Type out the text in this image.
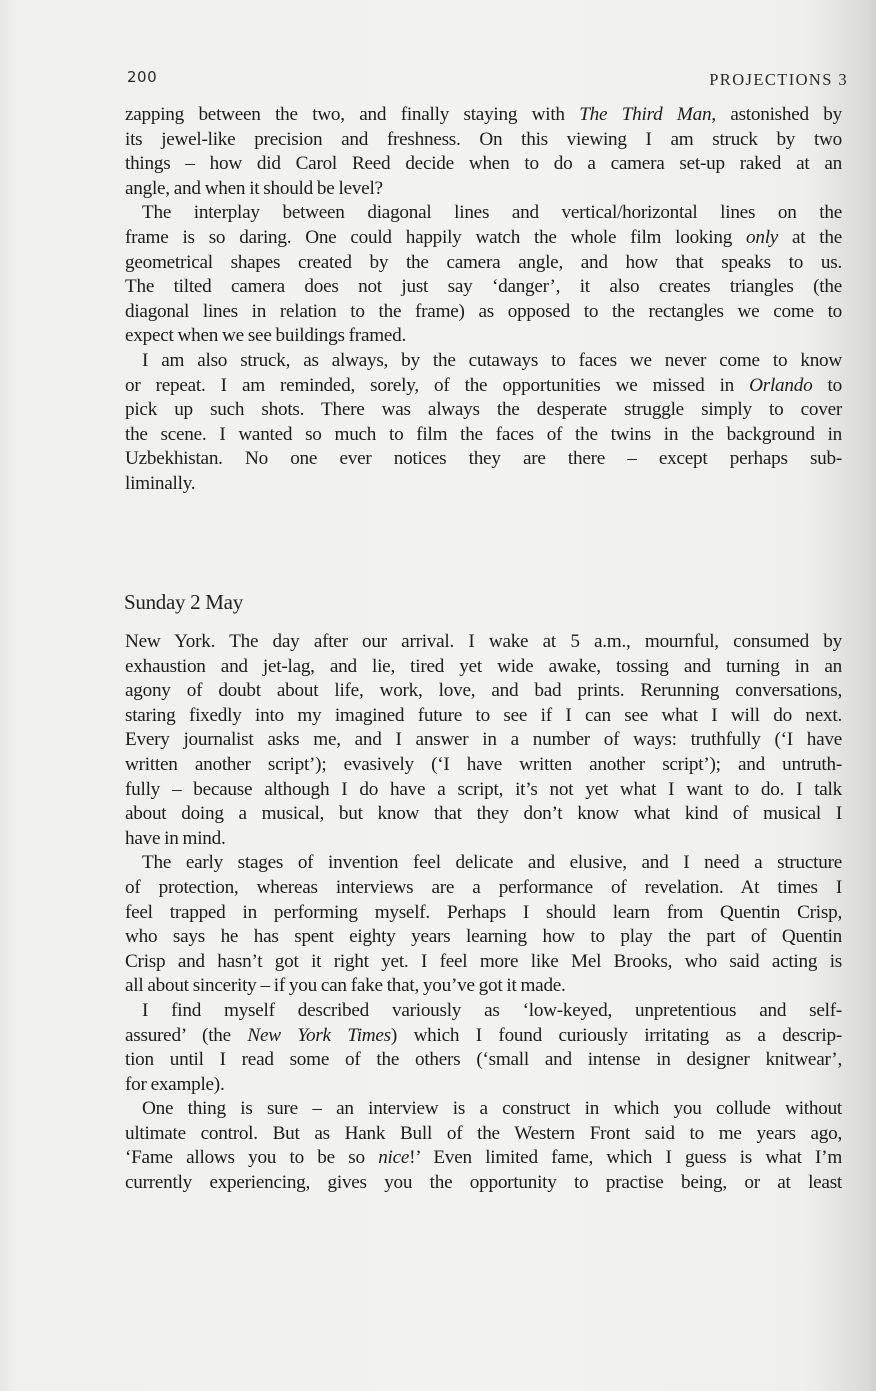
200	PROJECTIONS 3
zapping between the two, and finally staying with The Third Man, astonished by
its jewel-like precision and freshness. On this viewing I am struck by two
things – how did Carol Reed decide when to do a camera set-up raked at an
angle, and when it should be level?
The interplay between diagonal lines and vertical/horizontal lines on the
frame is so daring. One could happily watch the whole film looking only at the
geometrical shapes created by the camera angle, and how that speaks to us.
The tilted camera does not just say ‘danger’, it also creates triangles (the
diagonal lines in relation to the frame) as opposed to the rectangles we come to
expect when we see buildings framed.
I am also struck, as always, by the cutaways to faces we never come to know
or repeat. I am reminded, sorely, of the opportunities we missed in Orlando to
pick up such shots. There was always the desperate struggle simply to cover
the scene. I wanted so much to film the faces of the twins in the background in
Uzbekhistan. No one ever notices they are there – except perhaps sub-
liminally.
Sunday 2 May
New York. The day after our arrival. I wake at 5 a.m., mournful, consumed by
exhaustion and jet-lag, and lie, tired yet wide awake, tossing and turning in an
agony of doubt about life, work, love, and bad prints. Rerunning conversations,
staring fixedly into my imagined future to see if I can see what I will do next.
Every journalist asks me, and I answer in a number of ways: truthfully (‘I have
written another script’); evasively (‘I have written another script’); and untruth-
fully – because although I do have a script, it’s not yet what I want to do. I talk
about doing a musical, but know that they don’t know what kind of musical I
have in mind.
The early stages of invention feel delicate and elusive, and I need a structure
of protection, whereas interviews are a performance of revelation. At times I
feel trapped in performing myself. Perhaps I should learn from Quentin Crisp,
who says he has spent eighty years learning how to play the part of Quentin
Crisp and hasn’t got it right yet. I feel more like Mel Brooks, who said acting is
all about sincerity – if you can fake that, you’ve got it made.
I find myself described variously as ‘low-keyed, unpretentious and self-
assured’ (the New York Times) which I found curiously irritating as a descrip-
tion until I read some of the others (‘small and intense in designer knitwear’,
for example).
One thing is sure – an interview is a construct in which you collude without
ultimate control. But as Hank Bull of the Western Front said to me years ago,
‘Fame allows you to be so nice!’ Even limited fame, which I guess is what I’m
currently experiencing, gives you the opportunity to practise being, or at least
